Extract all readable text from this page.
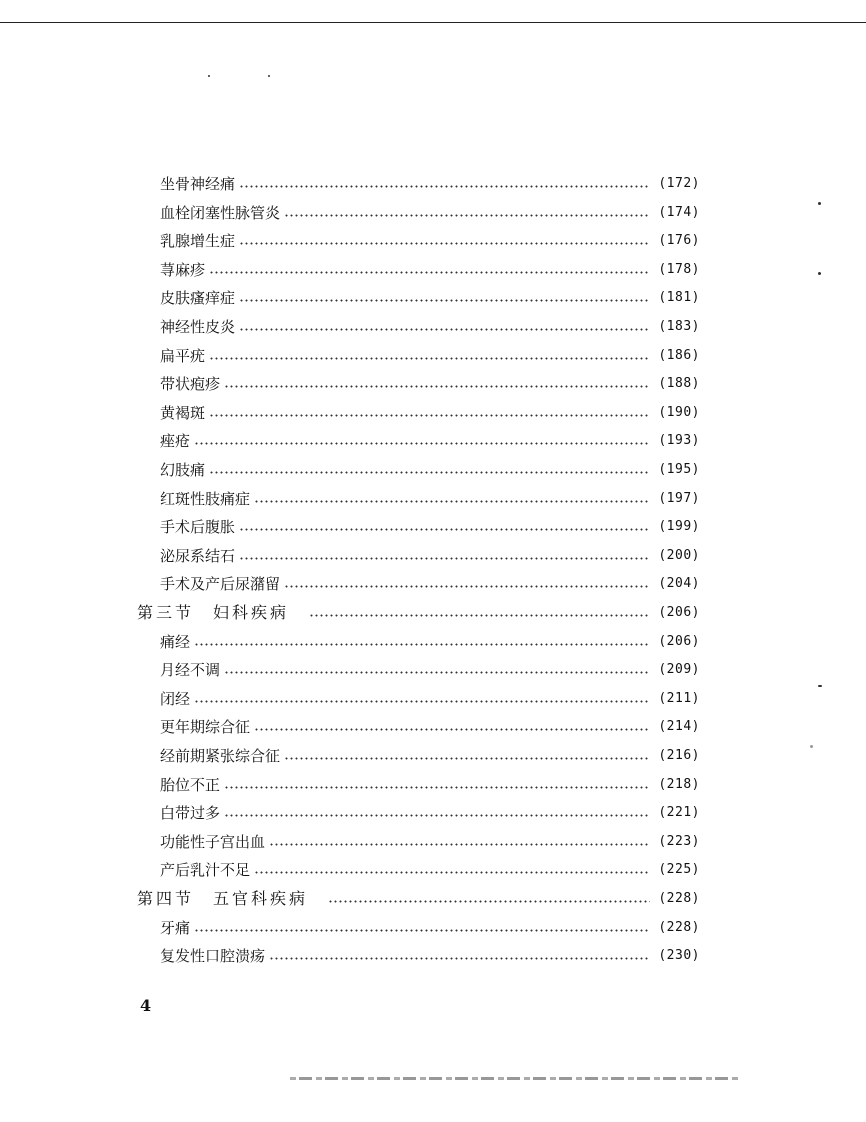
坐骨神经痛	(172)
血栓闭塞性脉管炎	(174)
乳腺增生症	(176)
荨麻疹	(178)
皮肤瘙痒症	(181)
神经性皮炎	(183)
扁平疣	(186)
带状疱疹	(188)
黄褐斑	(190)
痤疮	(193)
幻肢痛	(195)
红斑性肢痛症	(197)
手术后腹胀	(199)
泌尿系结石	(200)
手术及产后尿潴留	(204)
第三节　妇科疾病	(206)
痛经	(206)
月经不调	(209)
闭经	(211)
更年期综合征	(214)
经前期紧张综合征	(216)
胎位不正	(218)
白带过多	(221)
功能性子宫出血	(223)
产后乳汁不足	(225)
第四节　五官科疾病	(228)
牙痛	(228)
复发性口腔溃疡	(230)
4
